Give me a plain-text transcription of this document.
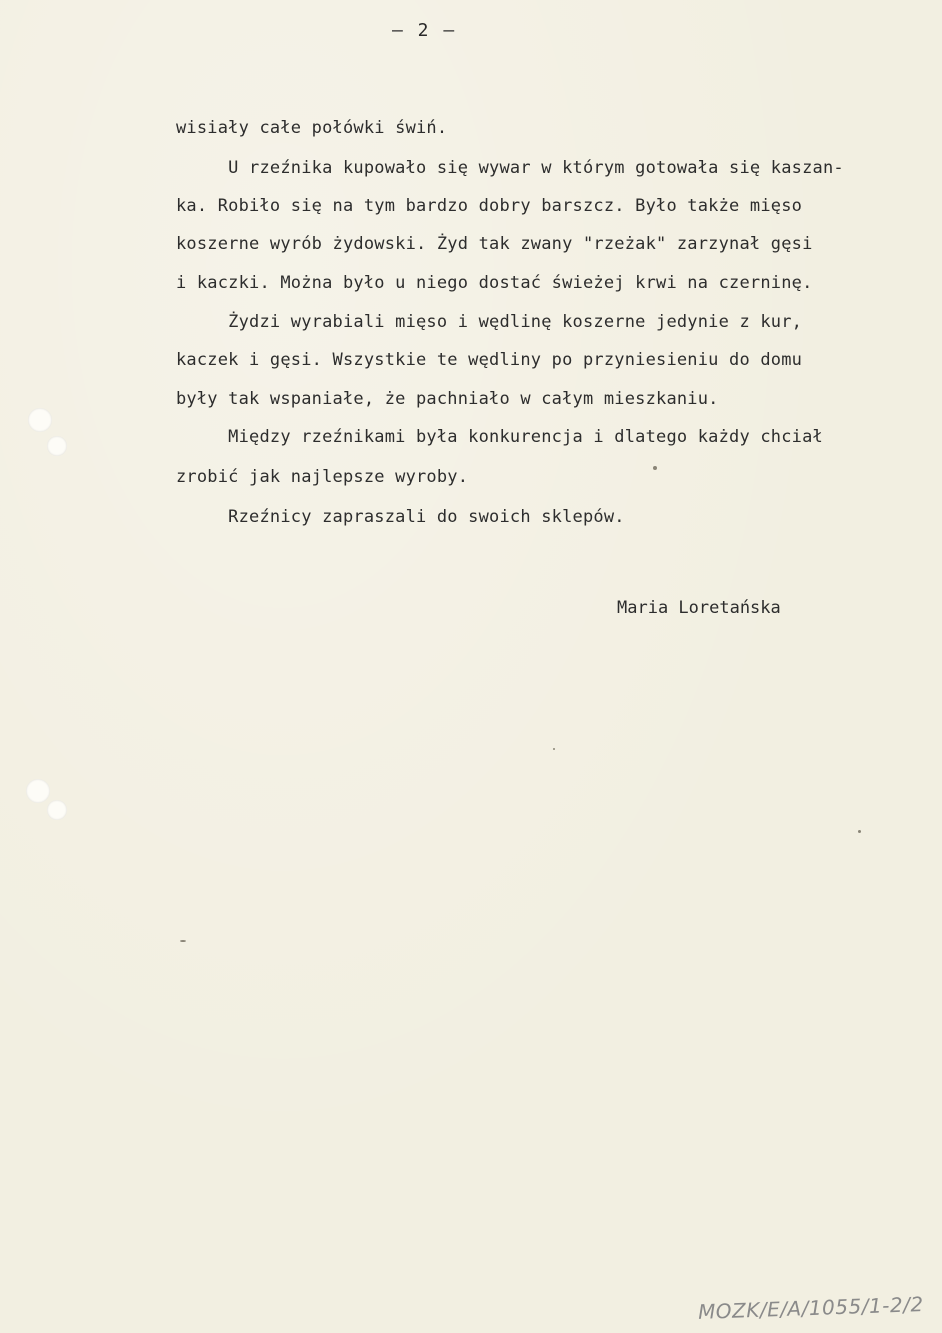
– 2 –
wisiały całe połówki świń.
U rzeźnika kupowało się wywar w którym gotowała się kaszan-
ka. Robiło się na tym bardzo dobry barszcz. Było także mięso
koszerne wyrób żydowski. Żyd tak zwany "rzeżak" zarzynał gęsi
i kaczki. Można było u niego dostać świeżej krwi na czerninę.
Żydzi wyrabiali mięso i wędlinę koszerne jedynie z kur,
kaczek i gęsi. Wszystkie te wędliny po przyniesieniu do domu
były tak wspaniałe, że pachniało w całym mieszkaniu.
Między rzeźnikami była konkurencja i dlatego każdy chciał
zrobić jak najlepsze wyroby.
Rzeźnicy zapraszali do swoich sklepów.
Maria Loretańska
MOZK/E/A/1055/1-2/2
